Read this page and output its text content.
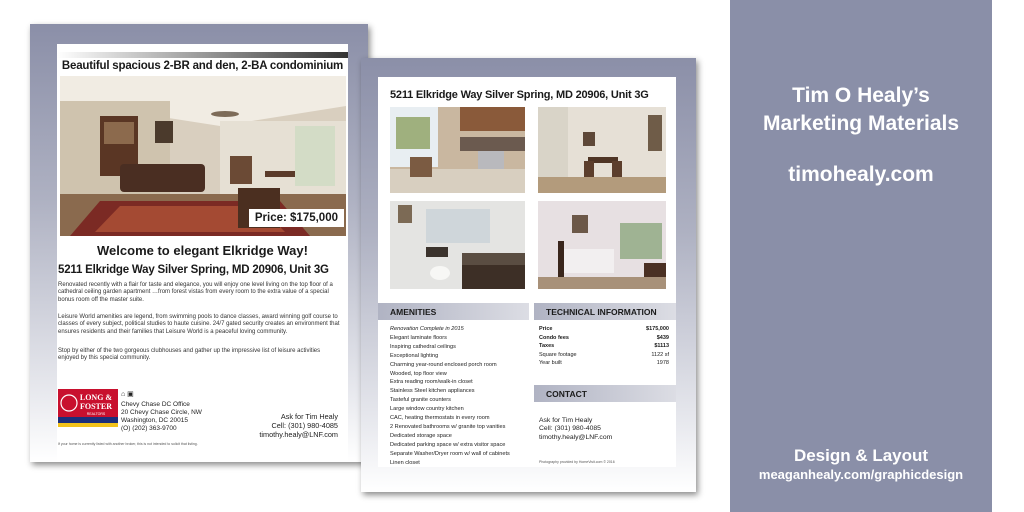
Beautiful spacious 2-BR and den, 2-BA condominium
Price: $175,000
Welcome to elegant Elkridge Way!
5211 Elkridge Way Silver Spring, MD 20906, Unit 3G

Renovated recently with a flair for taste and elegance, you will enjoy one level living on the top floor of a cathedral ceiling garden apartment …from forest vistas from every room to the extra value of a special bonus room off the master suite.

Leisure World amenities are legend, from swimming pools to dance classes, award winning golf course to classes of every subject, political studies to haute cuisine. 24/7 gated security creates an environment that ensures residents and their families that Leisure World is a peaceful loving community.

Stop by either of the two gorgeous clubhouses and gather up the impressive list of leisure activities enjoyed by this special community.

LONG &
FOSTER
REALTORS
⌂ ▣
Chevy Chase DC Office
20 Chevy Chase Circle, NW
Washington, DC 20015
(O) (202) 363-9700
Ask for Tim Healy
Cell: (301) 980-4085
timothy.healy@LNF.com
If your home is currently listed with another broker, this is not intended to solicit that listing.
5211 Elkridge Way Silver Spring, MD 20906, Unit 3G
AMENITIES	TECHNICAL INFORMATION
Renovation Complete in 2015
Elegant laminate floors
Inspiring cathedral ceilings
Exceptional lighting
Charming year-round enclosed porch room
Wooded, top floor view
Extra reading room/walk-in closet
Stainless Steel kitchen appliances
Tasteful granite counters
Large window country kitchen
CAC, heating thermostats in every room
2 Renovated bathrooms w/ granite top vanities
Dedicated storage space
Dedicated parking space w/ extra visitor space
Separate Washer/Dryer room w/ wall of cabinets
Linen closet
Price	$175,000
Condo fees	$439
Taxes	$1113
Square footage	1122 sf
Year built	1978
CONTACT
Ask for Tim Healy
Cell: (301) 980-4085
timothy.healy@LNF.com
Photography provided by HomeVisit.com © 2016
Tim O Healy’s
Marketing Materials
timohealy.com
Design & Layout
meaganhealy.com/graphicdesign
